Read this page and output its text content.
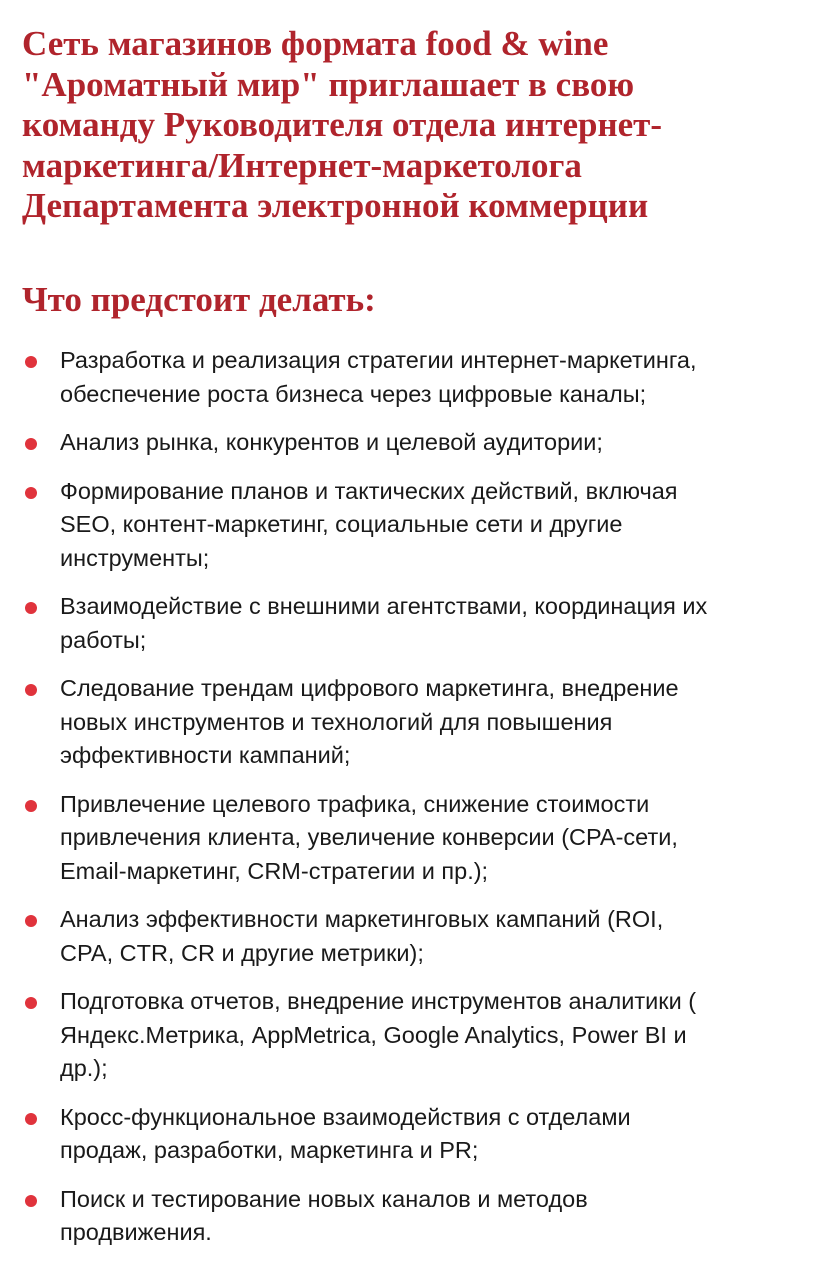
Сеть магазинов формата food & wine
"Ароматный мир" приглашает в свою
команду Руководителя отдела интернет-
маркетинга/Интернет-маркетолога
Департамента электронной коммерции
Что предстоит делать:
Разработка и реализация стратегии интернет-маркетинга,
обеспечение роста бизнеса через цифровые каналы;
Анализ рынка, конкурентов и целевой аудитории;
Формирование планов и тактических действий, включая
SEO, контент-маркетинг, социальные сети и другие
инструменты;
Взаимодействие с внешними агентствами, координация их
работы;
Следование трендам цифрового маркетинга, внедрение
новых инструментов и технологий для повышения
эффективности кампаний;
Привлечение целевого трафика, снижение стоимости
привлечения клиента, увеличение конверсии (CPA-сети,
Email-маркетинг, CRM-стратегии и пр.);
Анализ эффективности маркетинговых кампаний (ROI,
CPA, CTR, CR и другие метрики);
Подготовка отчетов, внедрение инструментов аналитики (
Яндекс.Метрика, AppMetrica, Google Analytics, Power BI и
др.);
Кросс-функциональное взаимодействия с отделами
продаж, разработки, маркетинга и PR;
Поиск и тестирование новых каналов и методов
продвижения.
